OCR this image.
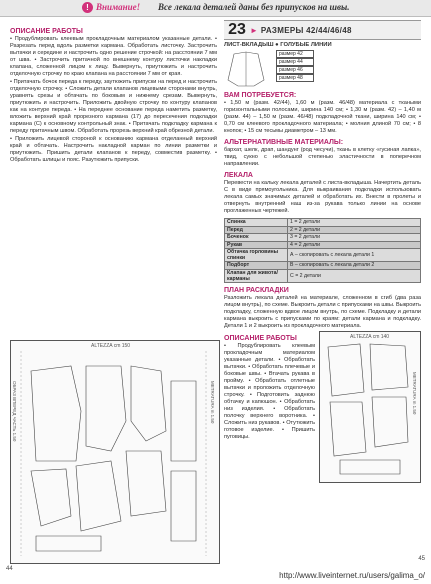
! Внимание! Все лекала деталей даны без припусков на швы.
ОПИСАНИЕ РАБОТЫ

• Продублировать клеевым прокладочным материалом указанные детали. • Разрезать перед вдоль разметки кармана. Обработать листочку. Застрочить вытачки и середине и настрочить одно решение строчкой: на расстоянии 7 мм от шва. • Застрочить притачной по внешнему контуру листочки накладки клапана, сложенной лицом к лицу. Вывернуть, приутюжить и настрочить отделочную строчку по краю клапана на расстоянии 7 мм от края.

• Притачать бочок переда к переду, заутюжить припуски на перед и настрочить отделочную строчку. • Сложить детали клапанов лицевыми сторонами внутрь, уравнять срезы и обтачать по боковым и нижнему срезам. Вывернуть, приутюжить и настрочить. Приложить двойную строчку по контуру клапанов как на контуре переда. • На переднее основание переда наметить разметку, вложить верхний край прорезного кармана (17) до пересечения подкладки кармана (С) к основному контрольный знак. • Притачать подкладку кармана к переду притачным швом. Обработать прорезь верхний край обрезной детали.

• Приложить лицевой стороной к основанию кармана отделанный верхний край и обтачать. Настрочить накладной карман по линии разметки и приутюжить. Пришить детали клапанов к переду, совместив разметку. • Обработать шлицы и пояс. Разутюжить припуски.

ALTEZZA cm 150
ОБРАЗ ВПЕРЕД ЧАСТЬ 1.50	METRATURA m 1.50
23 ► РАЗМЕРЫ 42/44/46/48
ЛИСТ-ВКЛАДЫШ ● ГОЛУБЫЕ ЛИНИИ
размер 42
размер 44
размер 46
размер 48
ВАМ ПОТРЕБУЕТСЯ:

• 1,50 м (разм. 42/44), 1,60 м (разм. 46/48) материала с ткаными горизонтальными полосами, ширина 140 см; • 1,30 м (разм. 42) – 1,40 м (разм. 44) – 1,50 м (разм. 46/48) подкладочной ткани, ширина 140 см; • 0,70 см клеевого прокладочного материала; • молния длиной 70 см; • 8 кнопок; • 15 см тесьмы диаметром – 13 мм.

АЛЬТЕРНАТИВНЫЕ МАТЕРИАЛЫ:

бархат, шелк, драп, шандунг (род чесучи), ткань в клетку «гусиная лапка», твид, сукно с небольшой степенью эластичности в поперечном направлении.

ЛЕКАЛА

Перевести на кальку лекала деталей с листа-вкладыша. Начертить деталь С в виде прямоугольника. Для выкраивания подкладки использовать лекала самых значимых деталей и обработать их. Внести в пролеты и отвернуть внутренний наш из-за рукава только линии на основе проглаженных чертежей.

Спинка	1 = 2 детали
Перед	2 = 2 детали
Боченок	3 = 2 детали
Рукав	4 = 2 детали
Обтачка горловины спинки	А – скопировать с лекала детали 1
Подборт	В – скопировать с лекала детали 2
Клапан для живота/карманы	С = 2 детали
ПЛАН РАСКЛАДКИ

Разложить лекала деталей на материале, сложенном в сгиб (два раза лицом внутрь), по схеме. Выкроить детали с припусками на швы. Выкроить подкладку, сложенную вдвое лицом внутрь, по схеме. Подкладку и детали кармана выкроить с припусками по краям: детали кармана и подкладку. Детали 1 и 2 выкроить из прокладочного материала.

ОПИСАНИЕ РАБОТЫ

• Продублировать клеевым прокладочным материалом указанные детали. • Обработать вытачки. • Обработать плечевые и боковые швы. • Втачать рукава в пройму. • Обработать отлетные вытачки и проложить отделочную строчку. • Подготовить заднюю обтачку и капюшон. • Обработать низ изделия. • Обработать полочку верхнего воротника. • Сложить низ рукавов. • Отутюжить готовое изделие. • Пришить пуговицы.

ALTEZZA cm 140
METRATURA m 1.50
44
45
http://www.liveinternet.ru/users/galima_o/
